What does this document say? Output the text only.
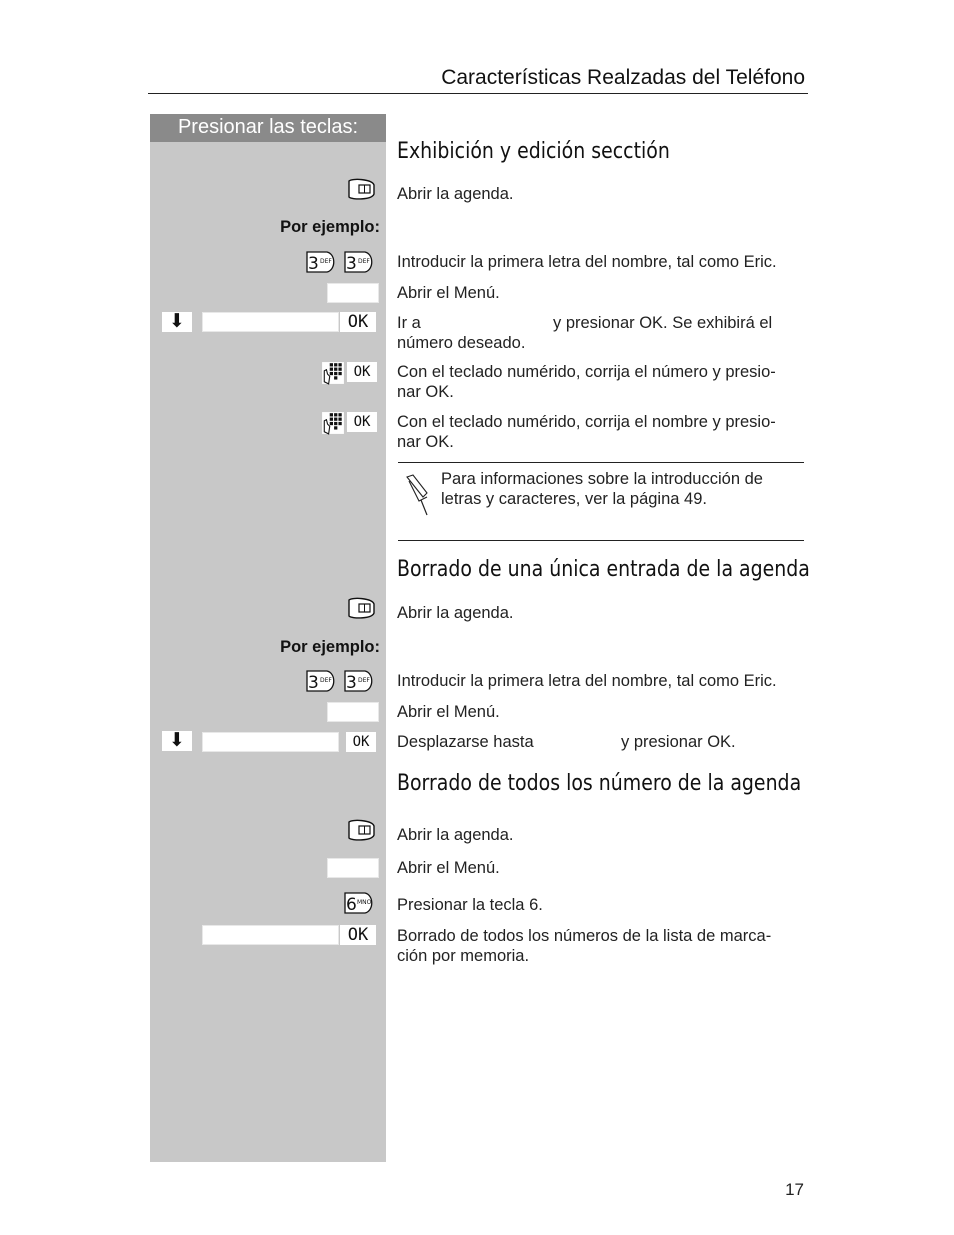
Características Realzadas del Teléfono
Presionar las teclas:
Exhibición y edición secctión
Abrir la agenda.
Por ejemplo:
3 DEF 3 DEF Introducir la primera letra del nombre, tal como Eric.
Abrir el Menú.
⬇	OK	Ir a	y presionar OK. Se exhibirá el
número deseado.
OK	Con el teclado numérido, corrija el número y presio-
nar OK.
OK	Con el teclado numérido, corrija el nombre y presio-
nar OK.
Para informaciones sobre la introducción de
letras y caracteres, ver la página 49.
Borrado de una única entrada de la agenda
Abrir la agenda.
Por ejemplo:
3 DEF 3 DEF Introducir la primera letra del nombre, tal como Eric.
Abrir el Menú.
⬇	OK	Desplazarse hasta	y presionar OK.
Borrado de todos los número de la agenda
Abrir la agenda.
Abrir el Menú.
6 MNO Presionar la tecla 6.
OK	Borrado de todos los números de la lista de marca-
ción por memoria.
17
